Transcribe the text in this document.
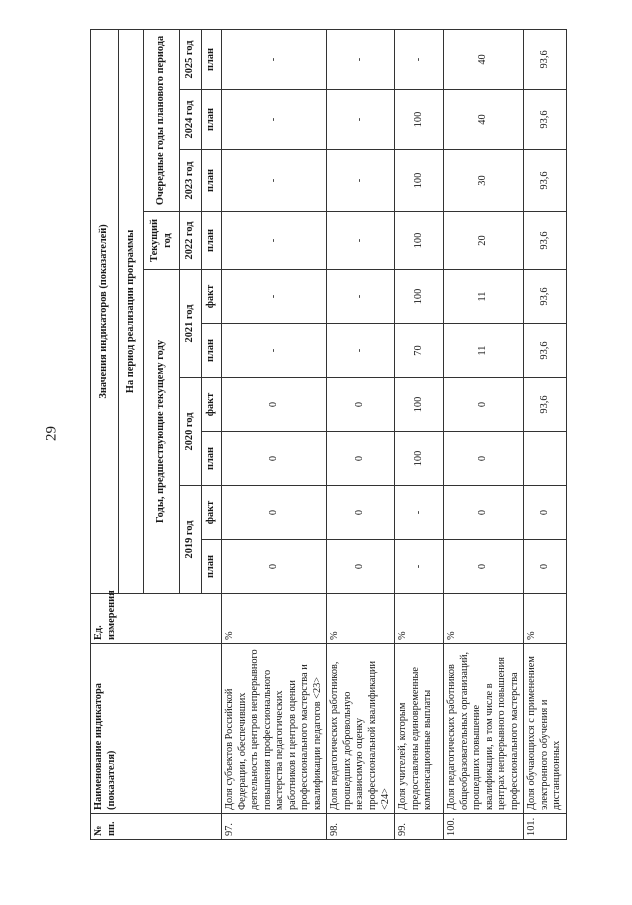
29
№ пп.	Наименование индикатора (показателя)	Ед. измерения	Значения индикаторов (показателей)									
			На период реализации программы									
			Годы, предшествующие текущему году						Текущий год	Очередные годы планового периода		
			2019 год		2020 год		2021 год		2022 год	2023 год	2024 год	2025 год
			план	факт	план	факт	план	факт	план	план	план	план
97.	Доля субъектов Российской Федерации, обеспечивших деятельность центров непрерывного повышения профессионального мастерства педагогических работников и центров оценки профессионального мастерства и квалификации педагогов <23>	%	0	0	0	0	-	-	-	-	-	-
98.	Доля педагогических работников, прошедших добровольную независимую оценку профессиональной квалификации <24>	%	0	0	0	0	-	-	-	-	-	-
99.	Доля учителей, которым предоставлены единовременные компенсационные выплаты	%	-	-	100	100	70	100	100	100	100	-
100.	Доля педагогических работников общеобразовательных организаций, прошедших повышение квалификации, в том числе в центрах непрерывного повышения профессионального мастерства	%	0	0	0	0	11	11	20	30	40	40
101.	Доля обучающихся с применением электронного обучения и дистанционных	%	0	0		93,6	93,6	93,6	93,6	93,6	93,6	93,6
